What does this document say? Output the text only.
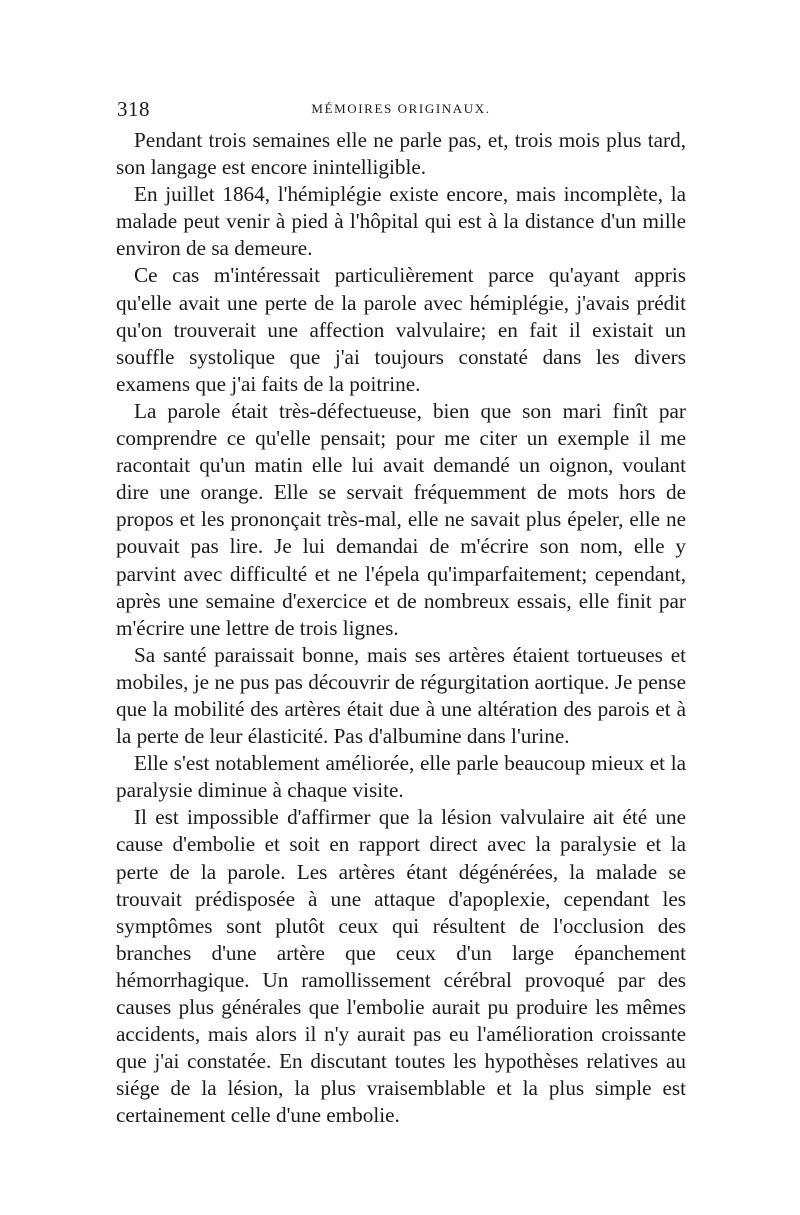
318	MÉMOIRES ORIGINAUX.

Pendant trois semaines elle ne parle pas, et, trois mois plus tard, son langage est encore inintelligible.

En juillet 1864, l'hémiplégie existe encore, mais incomplète, la malade peut venir à pied à l'hôpital qui est à la distance d'un mille environ de sa demeure.

Ce cas m'intéressait particulièrement parce qu'ayant appris qu'elle avait une perte de la parole avec hémiplégie, j'avais prédit qu'on trouverait une affection valvulaire; en fait il existait un souffle systolique que j'ai toujours constaté dans les divers examens que j'ai faits de la poitrine.

La parole était très-défectueuse, bien que son mari finît par comprendre ce qu'elle pensait; pour me citer un exemple il me racontait qu'un matin elle lui avait demandé un oignon, voulant dire une orange. Elle se servait fréquemment de mots hors de propos et les prononçait très-mal, elle ne savait plus épeler, elle ne pouvait pas lire. Je lui demandai de m'écrire son nom, elle y parvint avec difficulté et ne l'épela qu'imparfaitement; cependant, après une semaine d'exercice et de nombreux essais, elle finit par m'écrire une lettre de trois lignes.

Sa santé paraissait bonne, mais ses artères étaient tortueuses et mobiles, je ne pus pas découvrir de régurgitation aortique. Je pense que la mobilité des artères était due à une altération des parois et à la perte de leur élasticité. Pas d'albumine dans l'urine.

Elle s'est notablement améliorée, elle parle beaucoup mieux et la paralysie diminue à chaque visite.

Il est impossible d'affirmer que la lésion valvulaire ait été une cause d'embolie et soit en rapport direct avec la paralysie et la perte de la parole. Les artères étant dégénérées, la malade se trouvait prédisposée à une attaque d'apoplexie, cependant les symptômes sont plutôt ceux qui résultent de l'occlusion des branches d'une artère que ceux d'un large épanchement hémorrhagique. Un ramollissement cérébral provoqué par des causes plus générales que l'embolie aurait pu produire les mêmes accidents, mais alors il n'y aurait pas eu l'amélioration croissante que j'ai constatée. En discutant toutes les hypothèses relatives au siége de la lésion, la plus vraisemblable et la plus simple est certainement celle d'une embolie.
